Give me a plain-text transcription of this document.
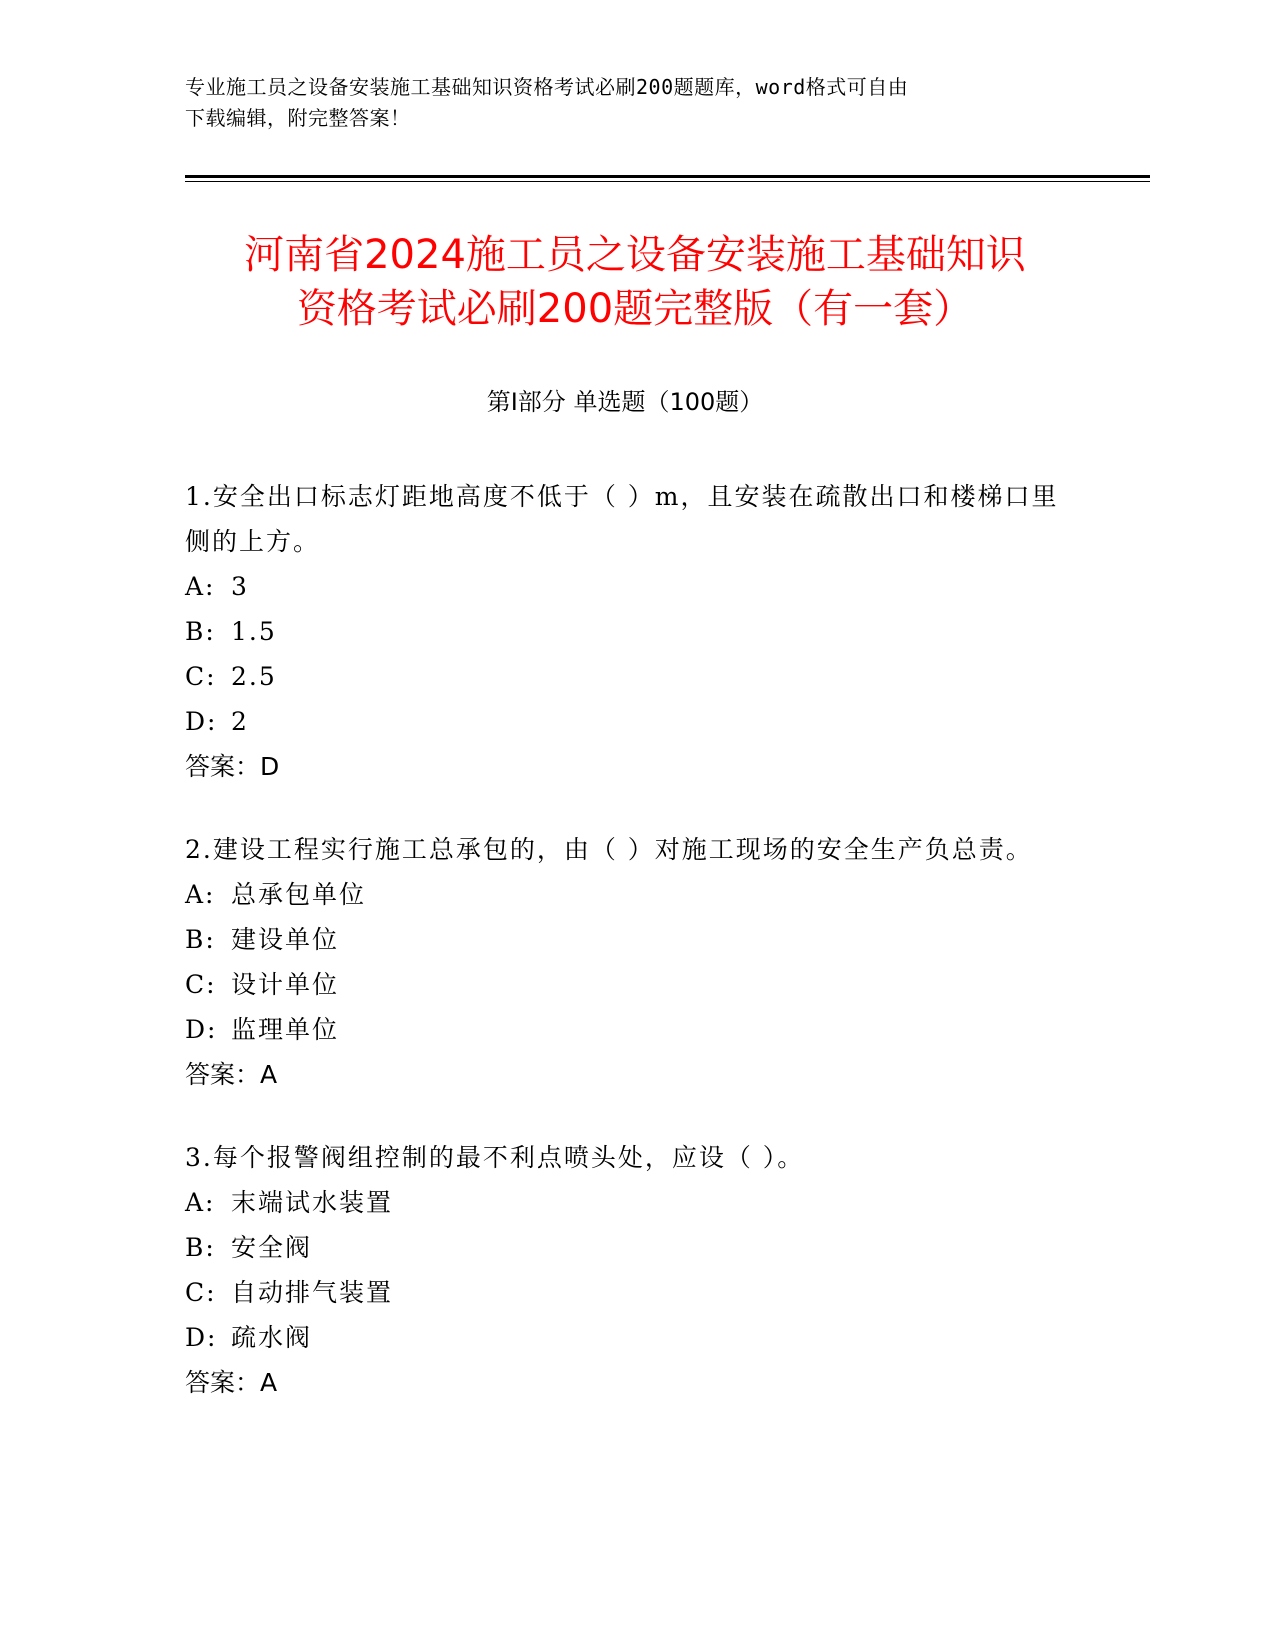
专业施工员之设备安装施工基础知识资格考试必刷200题题库，word格式可自由
下载编辑，附完整答案！
河南省2024施工员之设备安装施工基础知识
资格考试必刷200题完整版（有一套）
第Ⅰ部分 单选题（100题）

1.安全出口标志灯距地高度不低于（ ）m，且安装在疏散出口和楼梯口里侧的上方。

A: 3

B: 1.5

C: 2.5

D: 2

答案：D

2.建设工程实行施工总承包的，由（ ）对施工现场的安全生产负总责。

A: 总承包单位

B: 建设单位

C: 设计单位

D: 监理单位

答案：A

3.每个报警阀组控制的最不利点喷头处，应设（ ）。

A: 末端试水装置

B: 安全阀

C: 自动排气装置

D: 疏水阀

答案：A
